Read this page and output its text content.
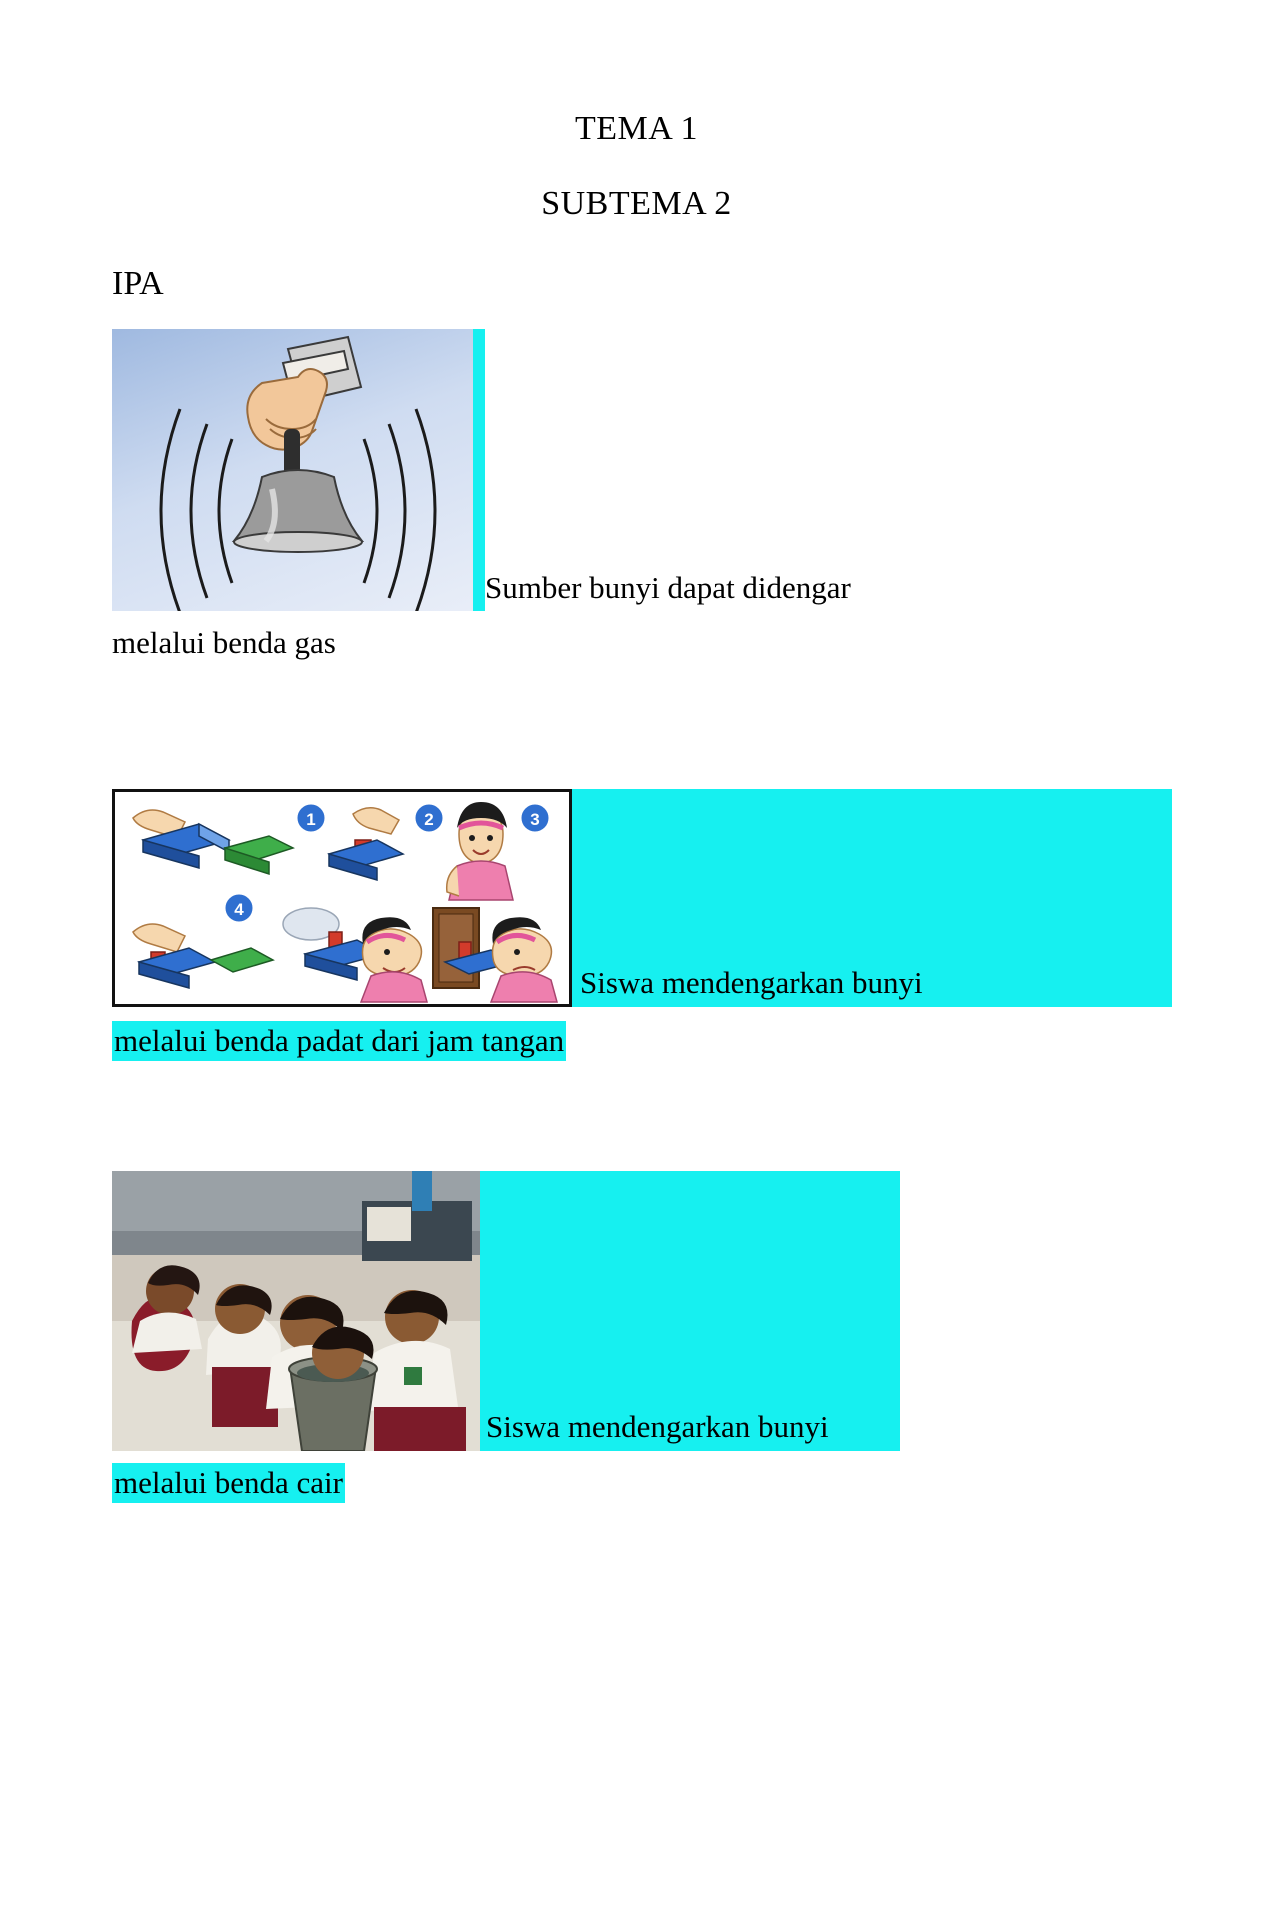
TEMA 1
SUBTEMA 2
IPA
Sumber bunyi dapat didengar
melalui benda gas
1	2	3
4
Siswa mendengarkan bunyi
melalui benda padat dari jam tangan
Siswa mendengarkan bunyi
melalui benda cair
